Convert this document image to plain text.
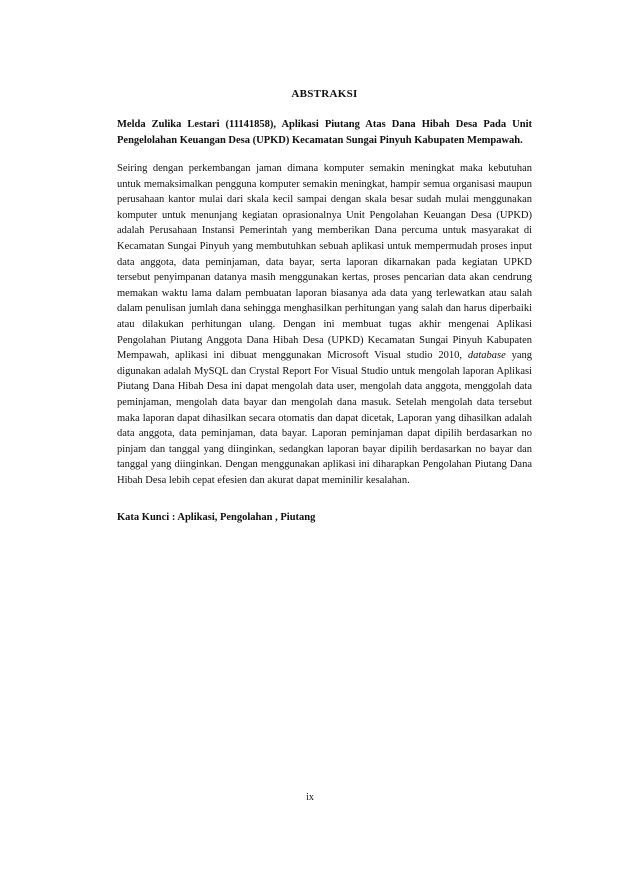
ABSTRAKSI
Melda Zulika Lestari (11141858), Aplikasi Piutang Atas Dana Hibah Desa Pada Unit Pengelolahan Keuangan Desa (UPKD) Kecamatan Sungai Pinyuh Kabupaten Mempawah.

Seiring dengan perkembangan jaman dimana komputer semakin meningkat maka kebutuhan untuk memaksimalkan pengguna komputer semakin meningkat, hampir semua organisasi maupun perusahaan kantor mulai dari skala kecil sampai dengan skala besar sudah mulai menggunakan komputer untuk menunjang kegiatan oprasionalnya Unit Pengolahan Keuangan Desa (UPKD) adalah Perusahaan Instansi Pemerintah yang memberikan Dana percuma untuk masyarakat di Kecamatan Sungai Pinyuh yang membutuhkan sebuah aplikasi untuk mempermudah proses input data anggota, data peminjaman, data bayar, serta laporan dikarnakan pada kegiatan UPKD tersebut penyimpanan datanya masih menggunakan kertas, proses pencarian data akan cendrung memakan waktu lama dalam pembuatan laporan biasanya ada data yang terlewatkan atau salah dalam penulisan jumlah dana sehingga menghasilkan perhitungan yang salah dan harus diperbaiki atau dilakukan perhitungan ulang. Dengan ini membuat tugas akhir mengenai Aplikasi Pengolahan Piutang Anggota Dana Hibah Desa (UPKD) Kecamatan Sungai Pinyuh Kabupaten Mempawah, aplikasi ini dibuat menggunakan Microsoft Visual studio 2010, database yang digunakan adalah MySQL dan Crystal Report For Visual Studio untuk mengolah laporan Aplikasi Piutang Dana Hibah Desa ini dapat mengolah data user, mengolah data anggota, menggolah data peminjaman, mengolah data bayar dan mengolah dana masuk. Setelah mengolah data tersebut maka laporan dapat dihasilkan secara otomatis dan dapat dicetak, Laporan yang dihasilkan adalah data anggota, data peminjaman, data bayar. Laporan peminjaman dapat dipilih berdasarkan no pinjam dan tanggal yang diinginkan, sedangkan laporan bayar dipilih berdasarkan no bayar dan tanggal yang diinginkan. Dengan menggunakan aplikasi ini diharapkan Pengolahan Piutang Dana Hibah Desa lebih cepat efesien dan akurat dapat meminilir kesalahan.

Kata Kunci : Aplikasi, Pengolahan , Piutang
ix
